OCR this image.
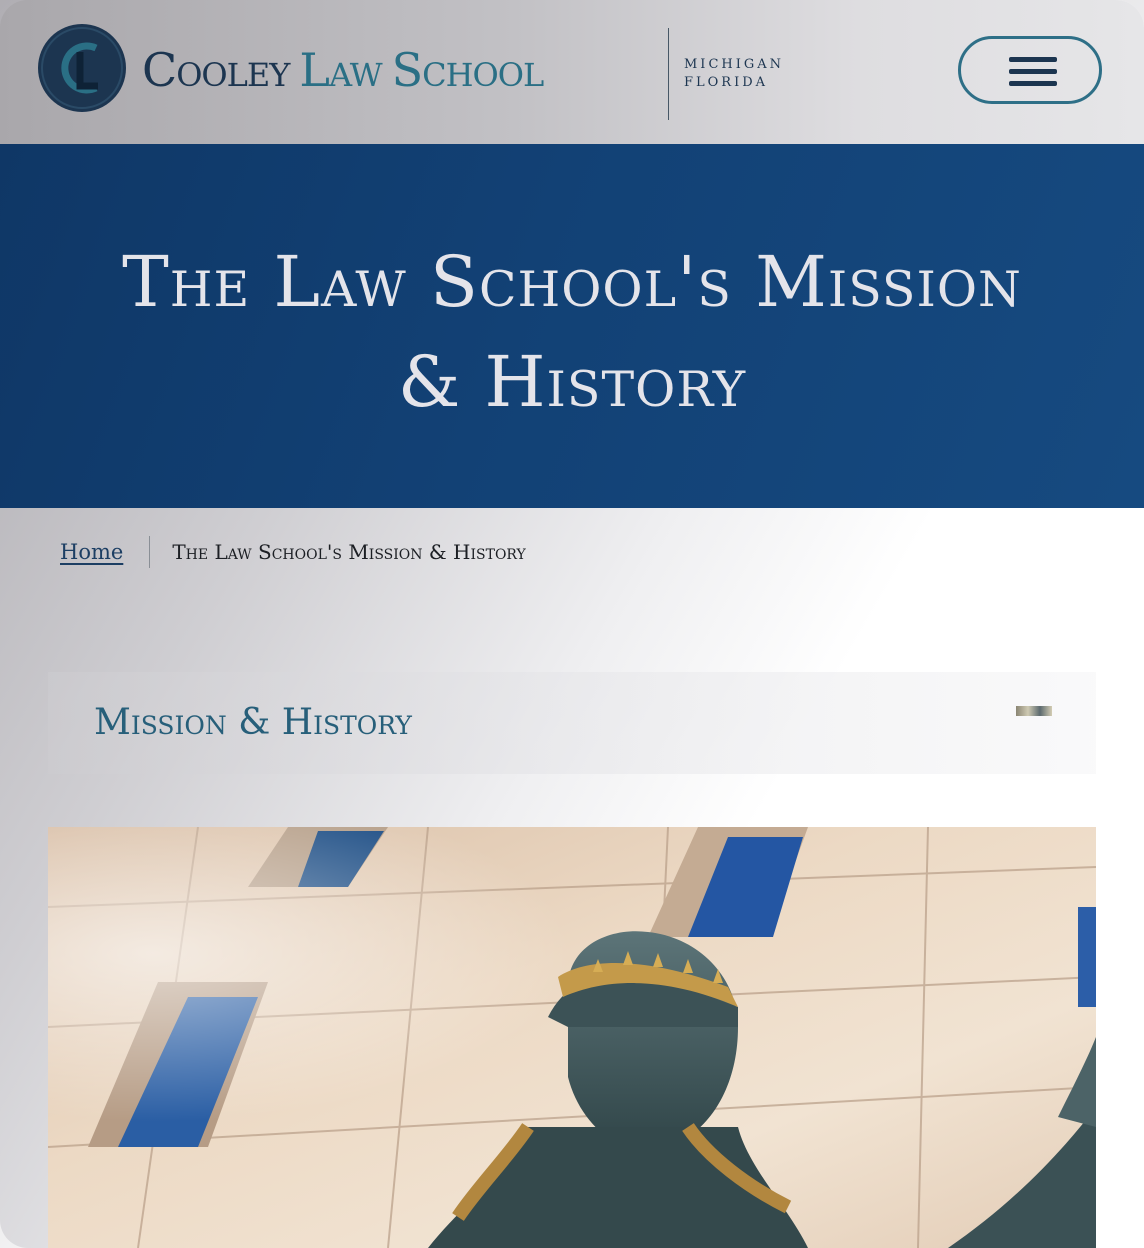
Cooley Law School	MICHIGAN
FLORIDA
The Law School's Mission
& History
Home The Law School's Mission & History
Mission & History
